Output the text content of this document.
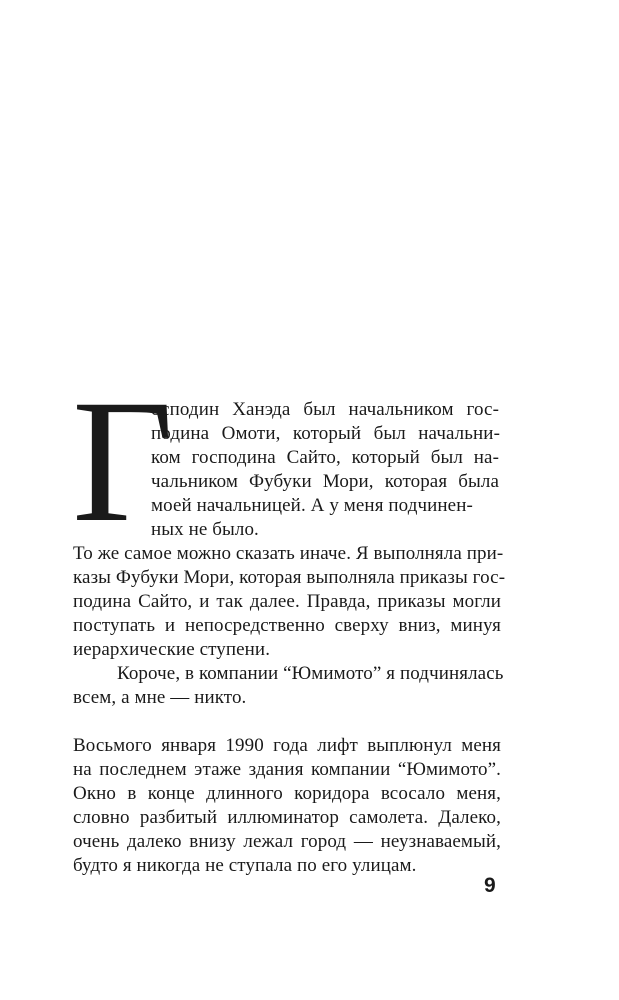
Г
осподин Ханэда был начальником гос-
подина Омоти, который был начальни-
ком господина Сайто, который был на-
чальником Фубуки Мори, которая была
моей начальницей. А у меня подчинен-
ных не было.
То же самое можно сказать иначе. Я выполняла при-
казы Фубуки Мори, которая выполняла приказы гос-
подина Сайто, и так далее. Правда, приказы могли
поступать и непосредственно сверху вниз, минуя
иерархические ступени.
Короче, в компании “Юмимото” я подчинялась
всем, а мне — никто.
Восьмого января 1990 года лифт выплюнул меня
на последнем этаже здания компании “Юмимото”.
Окно в конце длинного коридора всосало меня,
словно разбитый иллюминатор самолета. Далеко,
очень далеко внизу лежал город — неузнаваемый,
будто я никогда не ступала по его улицам.
9
